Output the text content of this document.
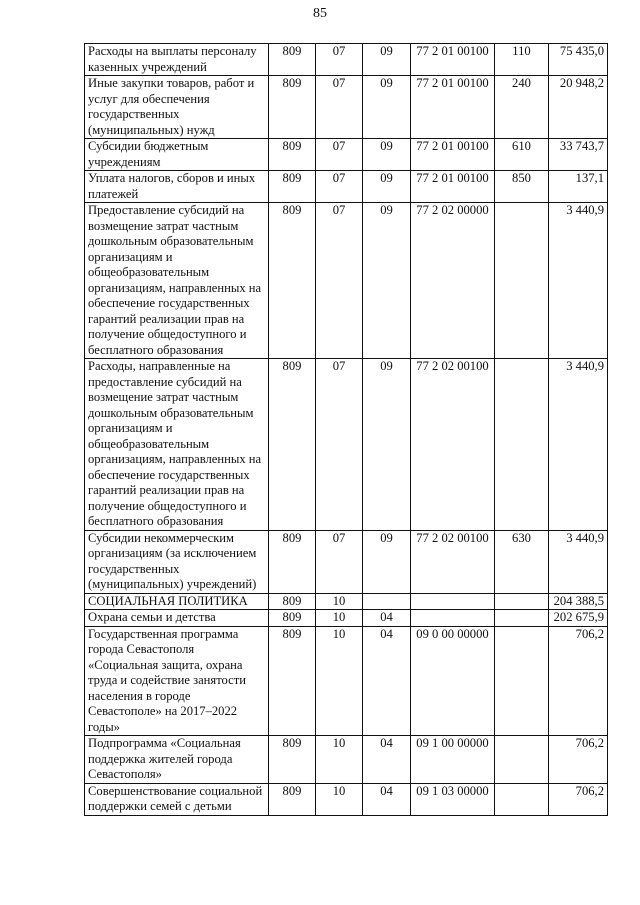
85
Расходы на выплаты персоналу казенных учреждений	809	07	09	77 2 01 00100	110	75 435,0

Иные закупки товаров, работ и услуг для обеспечения государственных (муниципальных) нужд	809	07	09	77 2 01 00100	240	20 948,2

Субсидии бюджетным учреждениям	809	07	09	77 2 01 00100	610	33 743,7

Уплата налогов, сборов и иных платежей	809	07	09	77 2 01 00100	850	137,1

Предоставление субсидий на возмещение затрат частным дошкольным образовательным организациям и общеобразовательным организациям, направленных на обеспечение государственных гарантий реализации прав на получение общедоступного и бесплатного образования	809	07	09	77 2 02 00000		3 440,9

Расходы, направленные на предоставление субсидий на возмещение затрат частным дошкольным образовательным организациям и общеобразовательным организациям, направленных на обеспечение государственных гарантий реализации прав на получение общедоступного и бесплатного образования	809	07	09	77 2 02 00100		3 440,9

Субсидии некоммерческим организациям (за исключением государственных (муниципальных) учреждений)	809	07	09	77 2 02 00100	630	3 440,9

СОЦИАЛЬНАЯ ПОЛИТИКА	809	10				204 388,5

Охрана семьи и детства	809	10	04			202 675,9

Государственная программа города Севастополя «Социальная защита, охрана труда и содействие занятости населения в городе Севастополе» на 2017–2022 годы»	809	10	04	09 0 00 00000		706,2

Подпрограмма «Социальная поддержка жителей города Севастополя»	809	10	04	09 1 00 00000		706,2

Совершенствование социальной поддержки семей с детьми	809	10	04	09 1 03 00000		706,2
